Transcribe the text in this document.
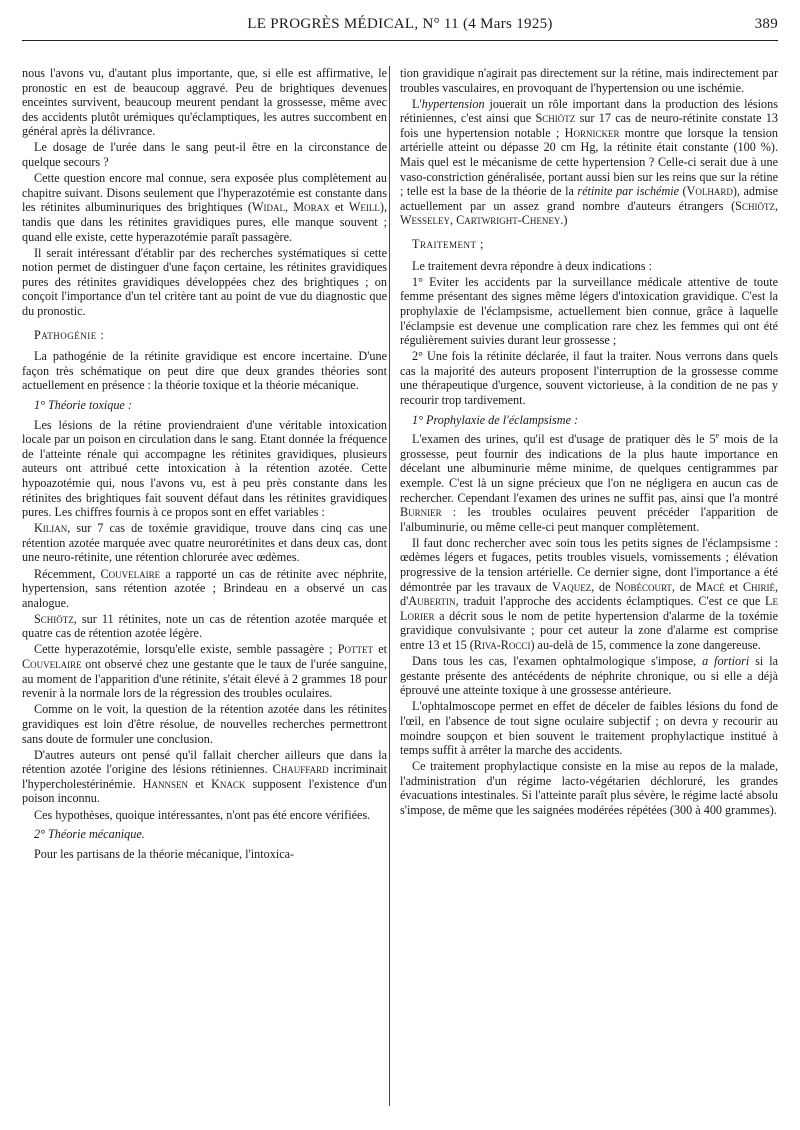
LE PROGRÈS MÉDICAL, N° 11 (4 Mars 1925)	389

nous l'avons vu, d'autant plus importante, que, si elle est affirmative, le pronostic en est de beaucoup aggravé. Peu de brightiques devenues enceintes survivent, beaucoup meurent pendant la grossesse, même avec des accidents plutôt urémiques qu'éclamptiques, les autres succombent en général après la délivrance.

Le dosage de l'urée dans le sang peut-il être en la circonstance de quelque secours ?

Cette question encore mal connue, sera exposée plus complètement au chapitre suivant. Disons seulement que l'hyperazotémie est constante dans les rétinites albuminuriques des brightiques (Widal, Morax et Weill), tandis que dans les rétinites gravidiques pures, elle manque souvent ; quand elle existe, cette hyperazotémie paraît passagère.

Il serait intéressant d'établir par des recherches systématiques si cette notion permet de distinguer d'une façon certaine, les rétinites gravidiques pures des rétinites gravidiques développées chez des brightiques ; on conçoit l'importance d'un tel critère tant au point de vue du diagnostic que du pronostic.

Pathogénie :

La pathogénie de la rétinite gravidique est encore incertaine. D'une façon très schématique on peut dire que deux grandes théories sont actuellement en présence : la théorie toxique et la théorie mécanique.

1° Théorie toxique :

Les lésions de la rétine proviendraient d'une véritable intoxication locale par un poison en circulation dans le sang. Etant donnée la fréquence de l'atteinte rénale qui accompagne les rétinites gravidiques, plusieurs auteurs ont attribué cette intoxication à la rétention azotée. Cette hypoazotémie qui, nous l'avons vu, est à peu près constante dans les rétinites des brightiques fait souvent défaut dans les rétinites gravidiques pures. Les chiffres fournis à ce propos sont en effet variables :

Kilian, sur 7 cas de toxémie gravidique, trouve dans cinq cas une rétention azotée marquée avec quatre neurorétinites et dans deux cas, dont une neuro-rétinite, une rétention chlorurée avec œdèmes.

Récemment, Couvelaire a rapporté un cas de rétinite avec néphrite, hypertension, sans rétention azotée ; Brindeau en a observé un cas analogue.

Schiötz, sur 11 rétinites, note un cas de rétention azotée marquée et quatre cas de rétention azotée légère.

Cette hyperazotémie, lorsqu'elle existe, semble passagère ; Pottet et Couvelaire ont observé chez une gestante que le taux de l'urée sanguine, au moment de l'apparition d'une rétinite, s'était élevé à 2 grammes 18 pour revenir à la normale lors de la régression des troubles oculaires.

Comme on le voit, la question de la rétention azotée dans les rétinites gravidiques est loin d'être résolue, de nouvelles recherches permettront sans doute de formuler une conclusion.

D'autres auteurs ont pensé qu'il fallait chercher ailleurs que dans la rétention azotée l'origine des lésions rétiniennes. Chauffard incriminait l'hypercholestérinémie. Hannsen et Knack supposent l'existence d'un poison inconnu.

Ces hypothèses, quoique intéressantes, n'ont pas été encore vérifiées.

2° Théorie mécanique.

Pour les partisans de la théorie mécanique, l'intoxica-

tion gravidique n'agirait pas directement sur la rétine, mais indirectement par troubles vasculaires, en provoquant de l'hypertension ou une ischémie.

L'hypertension jouerait un rôle important dans la production des lésions rétiniennes, c'est ainsi que Schiötz sur 17 cas de neuro-rétinite constate 13 fois une hypertension notable ; Hornicker montre que lorsque la tension artérielle atteint ou dépasse 20 cm Hg, la rétinite était constante (100 %). Mais quel est le mécanisme de cette hypertension ? Celle-ci serait due à une vaso-constriction généralisée, portant aussi bien sur les reins que sur la rétine ; telle est la base de la théorie de la rétinite par ischémie (Volhard), admise actuellement par un assez grand nombre d'auteurs étrangers (Schiötz, Wesseley, Cartwright-Cheney.)

Traitement ;

Le traitement devra répondre à deux indications :

1° Eviter les accidents par la surveillance médicale attentive de toute femme présentant des signes même légers d'intoxication gravidique. C'est la prophylaxie de l'éclampsisme, actuellement bien connue, grâce à laquelle l'éclampsie est devenue une complication rare chez les femmes qui ont été régulièrement suivies durant leur grossesse ;

2° Une fois la rétinite déclarée, il faut la traiter. Nous verrons dans quels cas la majorité des auteurs proposent l'interruption de la grossesse comme une thérapeutique d'urgence, souvent victorieuse, à la condition de ne pas y recourir trop tardivement.

1° Prophylaxie de l'éclampsisme :

L'examen des urines, qu'il est d'usage de pratiquer dès le 5e mois de la grossesse, peut fournir des indications de la plus haute importance en décelant une albuminurie même minime, de quelques centigrammes par exemple. C'est là un signe précieux que l'on ne négligera en aucun cas de rechercher. Cependant l'examen des urines ne suffit pas, ainsi que l'a montré Burnier : les troubles oculaires peuvent précéder l'apparition de l'albuminurie, ou même celle-ci peut manquer complètement.

Il faut donc rechercher avec soin tous les petits signes de l'éclampsisme : œdèmes légers et fugaces, petits troubles visuels, vomissements ; élévation progressive de la tension artérielle. Ce dernier signe, dont l'importance a été démontrée par les travaux de Vaquez, de Nobécourt, de Macé et Chirié, d'Aubertin, traduit l'approche des accidents éclamptiques. C'est ce que Le Lorier a décrit sous le nom de petite hypertension d'alarme de la toxémie gravidique convulsivante ; pour cet auteur la zone d'alarme est comprise entre 13 et 15 (Riva-Rocci) au-delà de 15, commence la zone dangereuse.

Dans tous les cas, l'examen ophtalmologique s'impose, a fortiori si la gestante présente des antécédents de néphrite chronique, ou si elle a déjà éprouvé une atteinte toxique à une grossesse antérieure.

L'ophtalmoscope permet en effet de déceler de faibles lésions du fond de l'œil, en l'absence de tout signe oculaire subjectif ; on devra y recourir au moindre soupçon et bien souvent le traitement prophylactique institué à temps suffit à arrêter la marche des accidents.

Ce traitement prophylactique consiste en la mise au repos de la malade, l'administration d'un régime lacto-végétarien déchloruré, les grandes évacuations intestinales. Si l'atteinte paraît plus sévère, le régime lacté absolu s'impose, de même que les saignées modérées répétées (300 à 400 grammes).
